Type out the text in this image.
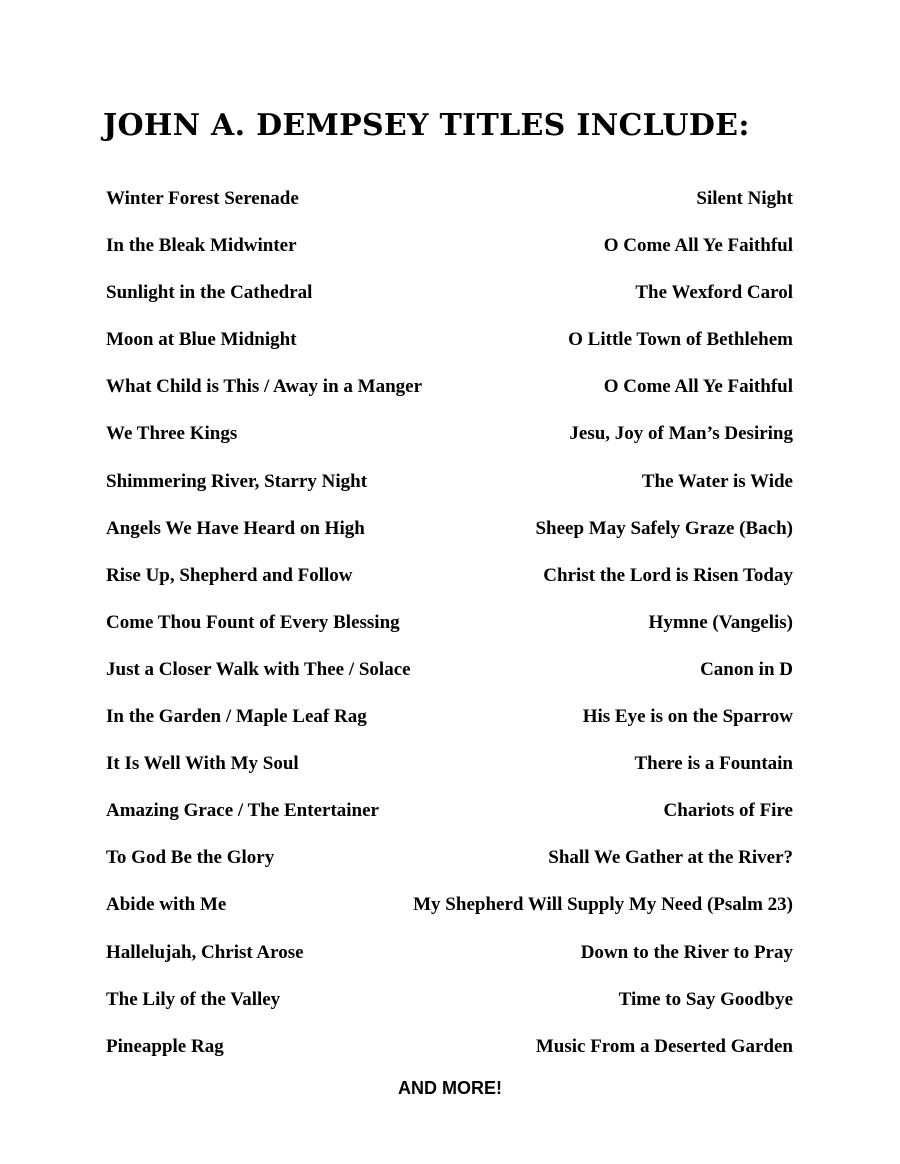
JOHN A. DEMPSEY TITLES INCLUDE:
Winter Forest Serenade	Silent Night
In the Bleak Midwinter	O Come All Ye Faithful
Sunlight in the Cathedral	The Wexford Carol
Moon at Blue Midnight	O Little Town of Bethlehem
What Child is This / Away in a Manger	O Come All Ye Faithful
We Three Kings	Jesu, Joy of Man’s Desiring
Shimmering River, Starry Night	The Water is Wide
Angels We Have Heard on High	Sheep May Safely Graze (Bach)
Rise Up, Shepherd and Follow	Christ the Lord is Risen Today
Come Thou Fount of Every Blessing	Hymne (Vangelis)
Just a Closer Walk with Thee / Solace	Canon in D
In the Garden / Maple Leaf Rag	His Eye is on the Sparrow
It Is Well With My Soul	There is a Fountain
Amazing Grace / The Entertainer	Chariots of Fire
To God Be the Glory	Shall We Gather at the River?
Abide with Me	My Shepherd Will Supply My Need (Psalm 23)
Hallelujah, Christ Arose	Down to the River to Pray
The Lily of the Valley	Time to Say Goodbye
Pineapple Rag	Music From a Deserted Garden
AND MORE!
